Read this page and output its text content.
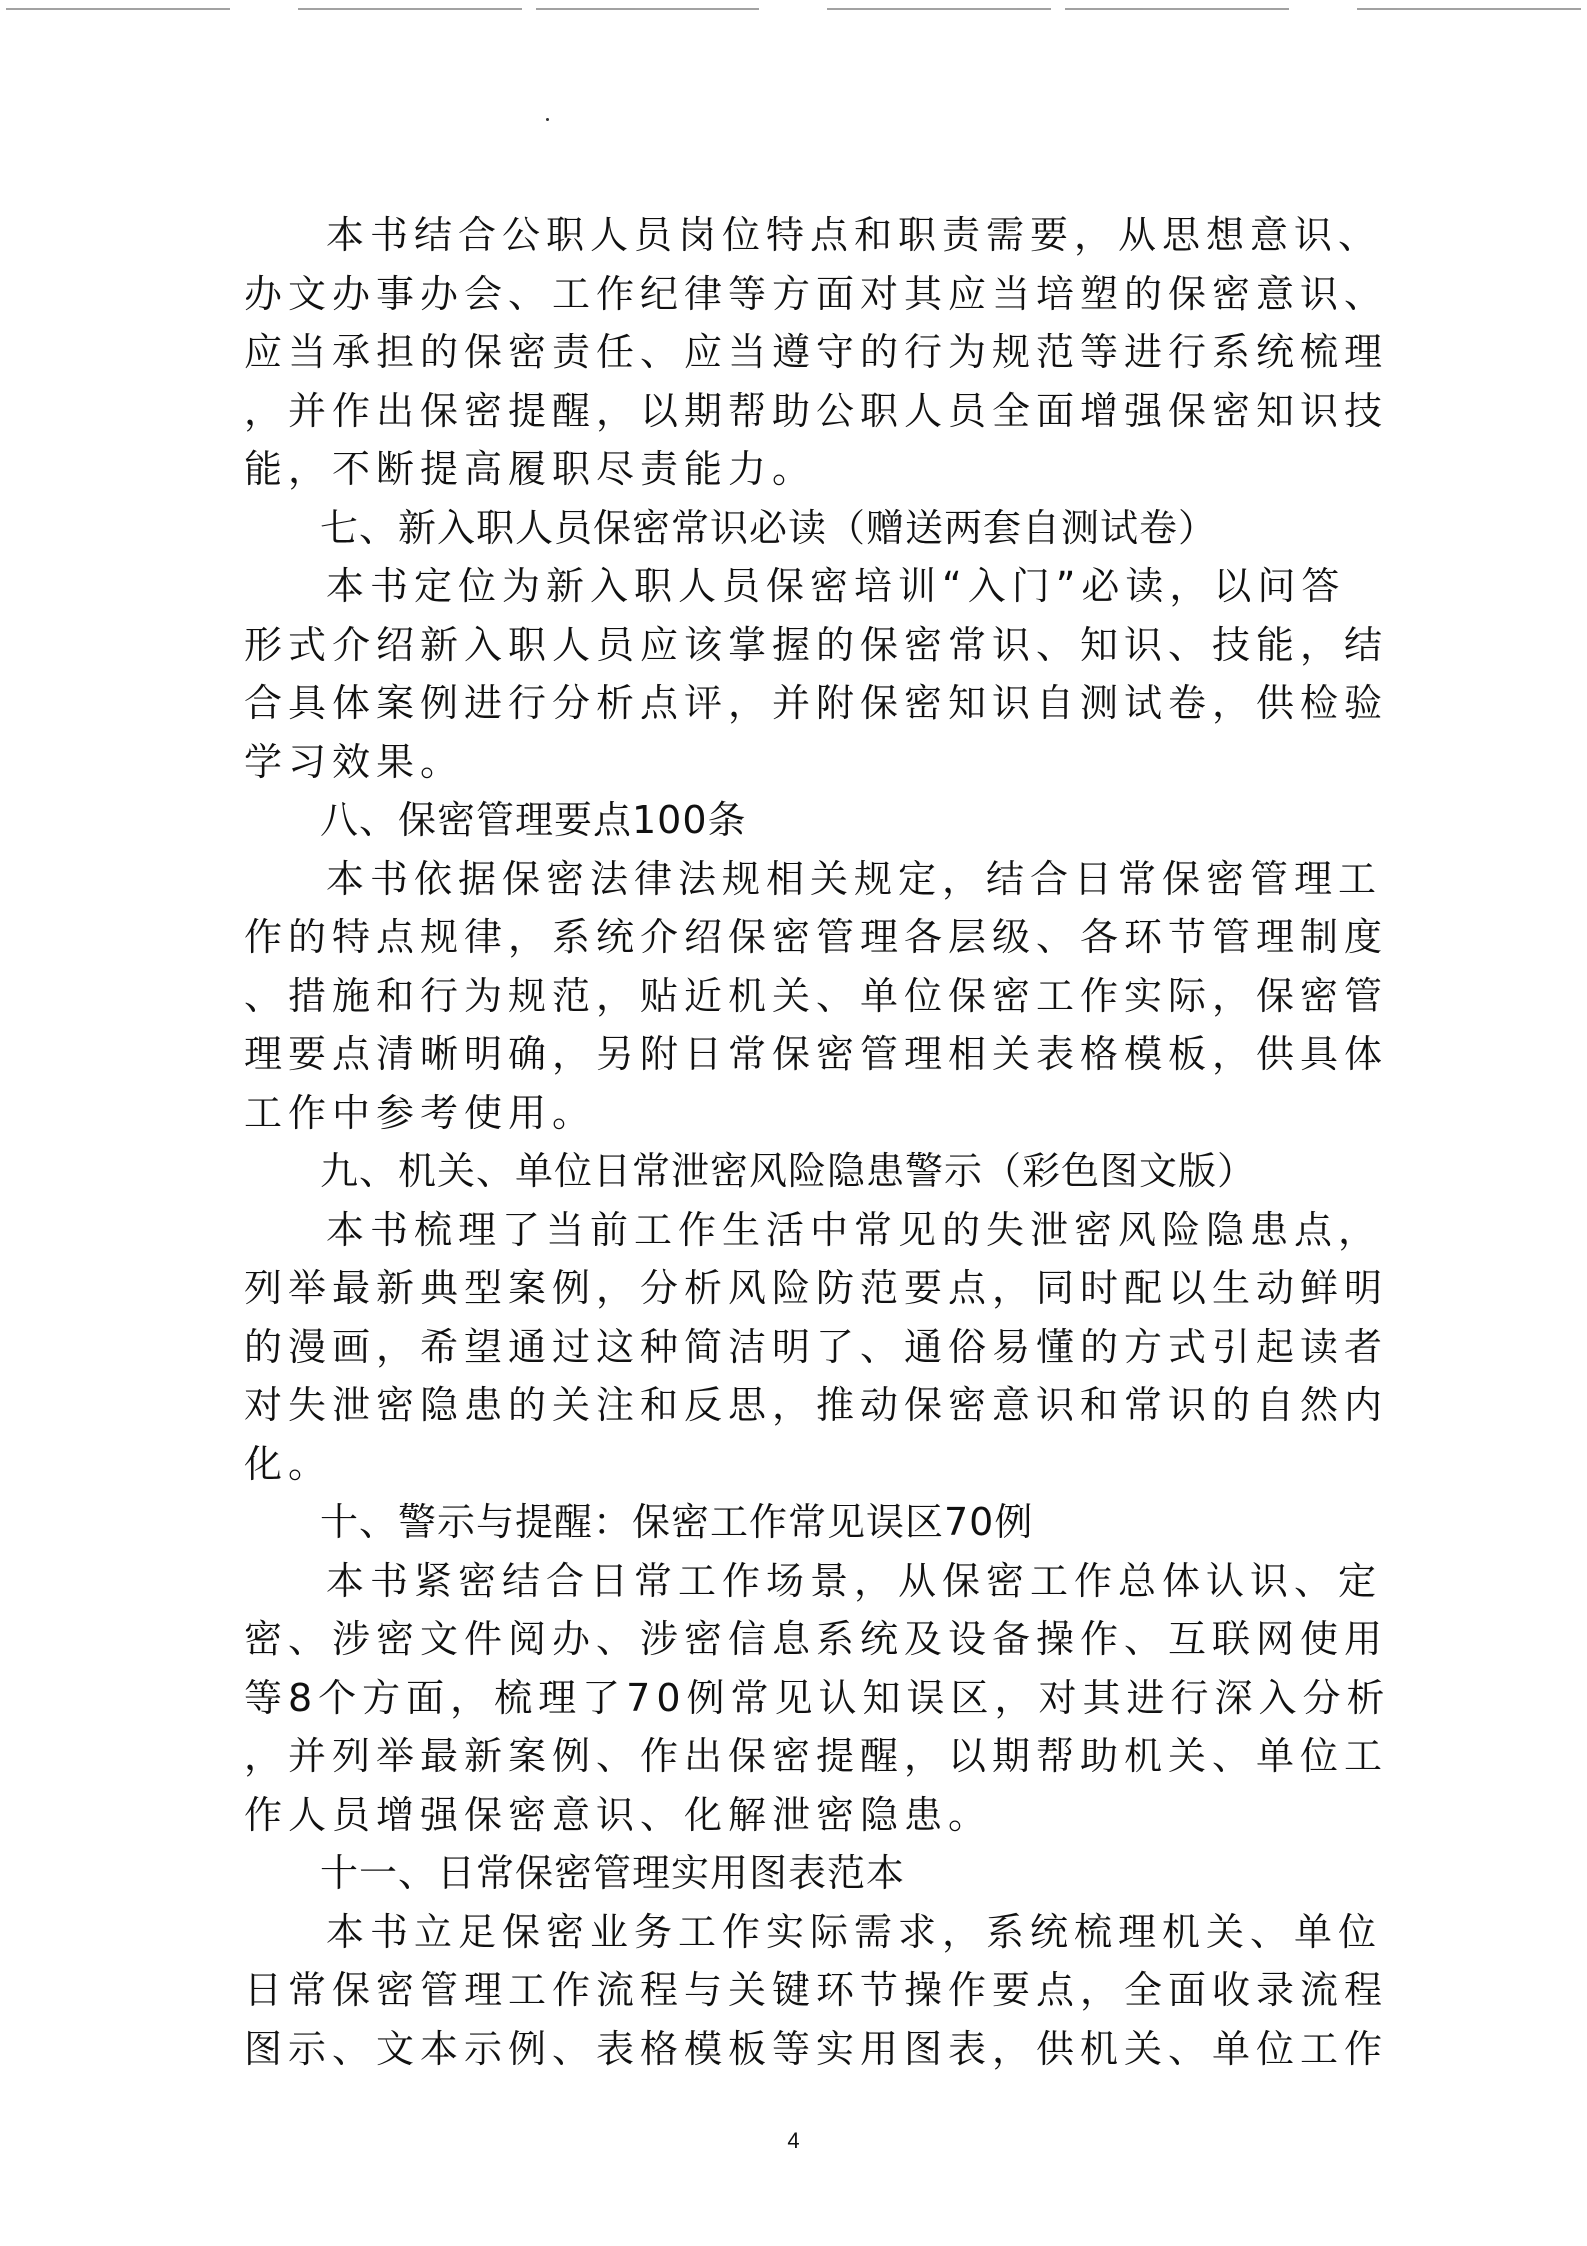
本书结合公职人员岗位特点和职责需要，从思想意识、
办文办事办会、工作纪律等方面对其应当培塑的保密意识、
应当承担的保密责任、应当遵守的行为规范等进行系统梳理
，并作出保密提醒，以期帮助公职人员全面增强保密知识技
能，不断提高履职尽责能力。
七、新入职人员保密常识必读（赠送两套自测试卷）
本书定位为新入职人员保密培训“入门”必读，以问答
形式介绍新入职人员应该掌握的保密常识、知识、技能，结
合具体案例进行分析点评，并附保密知识自测试卷，供检验
学习效果。
八、保密管理要点100条
本书依据保密法律法规相关规定，结合日常保密管理工
作的特点规律，系统介绍保密管理各层级、各环节管理制度
、措施和行为规范，贴近机关、单位保密工作实际，保密管
理要点清晰明确，另附日常保密管理相关表格模板，供具体
工作中参考使用。
九、机关、单位日常泄密风险隐患警示（彩色图文版）
本书梳理了当前工作生活中常见的失泄密风险隐患点，
列举最新典型案例，分析风险防范要点，同时配以生动鲜明
的漫画，希望通过这种简洁明了、通俗易懂的方式引起读者
对失泄密隐患的关注和反思，推动保密意识和常识的自然内
化。
十、警示与提醒：保密工作常见误区70例
本书紧密结合日常工作场景，从保密工作总体认识、定
密、涉密文件阅办、涉密信息系统及设备操作、互联网使用
等8个方面，梳理了70例常见认知误区，对其进行深入分析
，并列举最新案例、作出保密提醒，以期帮助机关、单位工
作人员增强保密意识、化解泄密隐患。
十一、日常保密管理实用图表范本
本书立足保密业务工作实际需求，系统梳理机关、单位
日常保密管理工作流程与关键环节操作要点，全面收录流程
图示、文本示例、表格模板等实用图表，供机关、单位工作
4
